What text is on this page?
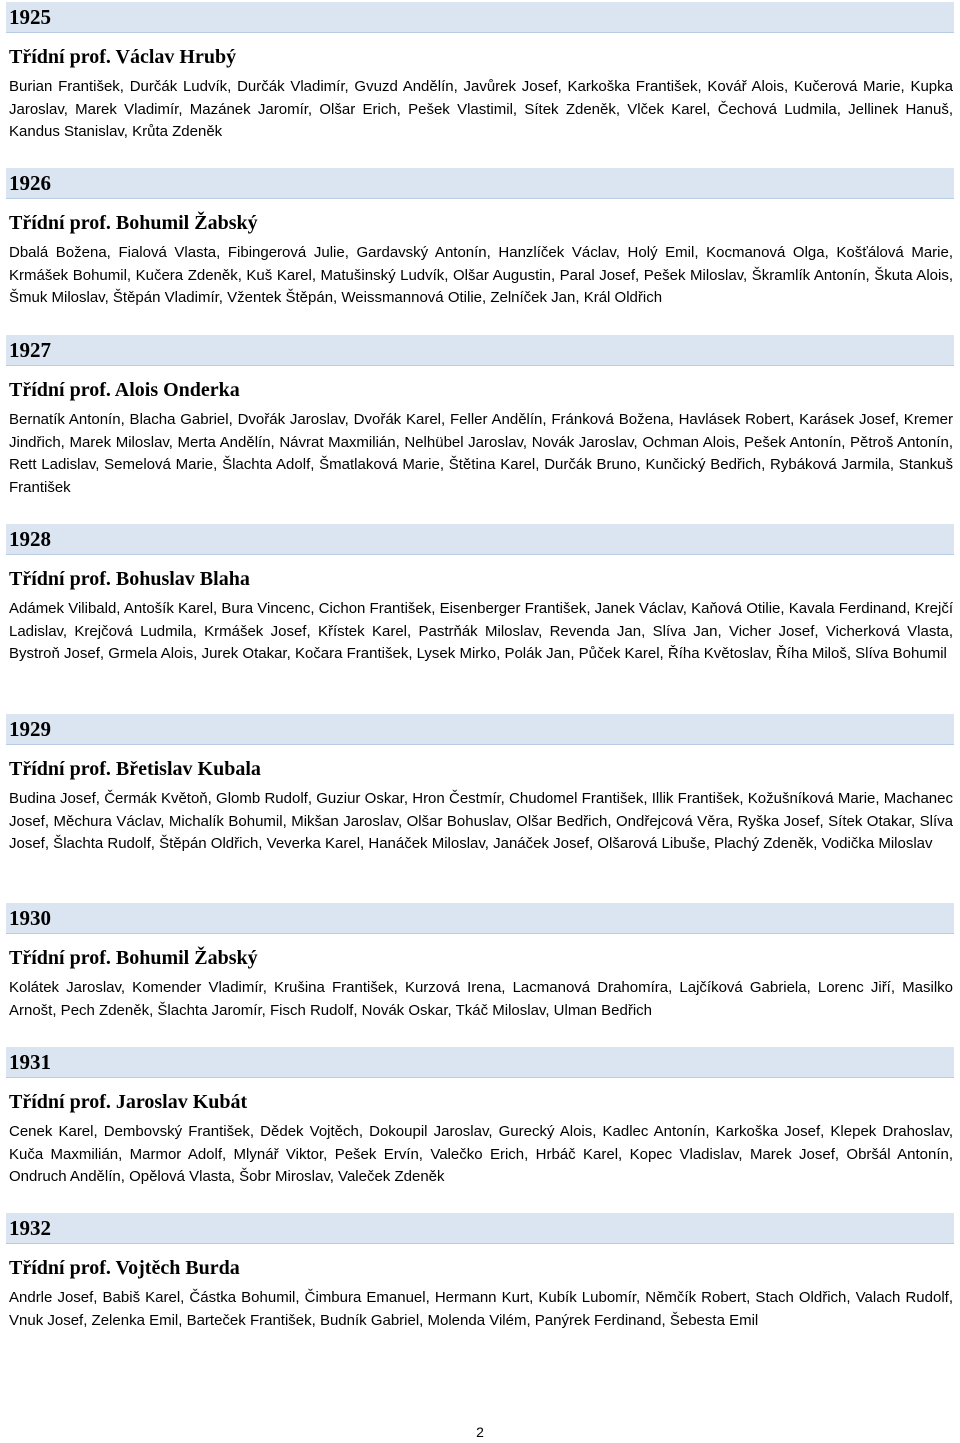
1925
Třídní prof. Václav Hrubý
Burian František, Durčák Ludvík, Durčák Vladimír, Gvuzd Andělín, Javůrek Josef, Karkoška František, Kovář Alois, Kučerová Marie, Kupka Jaroslav, Marek Vladimír, Mazánek Jaromír, Olšar Erich, Pešek Vlastimil, Sítek Zdeněk, Vlček Karel, Čechová Ludmila, Jellinek Hanuš, Kandus Stanislav, Krůta Zdeněk
1926
Třídní prof. Bohumil Žabský
Dbalá Božena, Fialová Vlasta, Fibingerová Julie, Gardavský Antonín, Hanzlíček Václav, Holý Emil, Kocmanová Olga, Košťálová Marie, Krmášek Bohumil, Kučera Zdeněk, Kuš Karel, Matušinský Ludvík, Olšar Augustin, Paral Josef, Pešek Miloslav, Škramlík Antonín, Škuta Alois, Šmuk Miloslav, Štěpán Vladimír, Vžentek Štěpán, Weissmannová Otilie, Zelníček Jan, Král Oldřich
1927
Třídní prof. Alois Onderka
Bernatík Antonín, Blacha Gabriel, Dvořák Jaroslav, Dvořák Karel, Feller Andělín, Fránková Božena, Havlásek Robert, Karásek Josef, Kremer Jindřich, Marek Miloslav, Merta Andělín, Návrat Maxmilián, Nelhübel Jaroslav, Novák Jaroslav, Ochman Alois, Pešek Antonín, Pětroš Antonín, Rett Ladislav, Semelová Marie, Šlachta Adolf, Šmatlaková Marie, Štětina Karel, Durčák Bruno, Kunčický Bedřich, Rybáková Jarmila, Stankuš František
1928
Třídní prof. Bohuslav Blaha
Adámek Vilibald, Antošík Karel, Bura Vincenc, Cichon František, Eisenberger František, Janek Václav, Kaňová Otilie, Kavala Ferdinand, Krejčí Ladislav, Krejčová Ludmila, Krmášek Josef, Křístek Karel, Pastrňák Miloslav, Revenda Jan, Slíva Jan, Vicher Josef, Vicherková Vlasta, Bystroň Josef, Grmela Alois, Jurek Otakar, Kočara František, Lysek Mirko, Polák Jan, Půček Karel, Říha Květoslav, Říha Miloš, Slíva Bohumil
1929
Třídní prof. Břetislav Kubala
Budina Josef, Čermák Květoň, Glomb Rudolf, Guziur Oskar, Hron Čestmír, Chudomel František, Illik František, Kožušníková Marie, Machanec Josef, Měchura Václav, Michalík Bohumil, Mikšan Jaroslav, Olšar Bohuslav, Olšar Bedřich, Ondřejcová Věra, Ryška Josef, Sítek Otakar, Slíva Josef, Šlachta Rudolf, Štěpán Oldřich, Veverka Karel, Hanáček Miloslav, Janáček Josef, Olšarová Libuše, Plachý Zdeněk, Vodička Miloslav
1930
Třídní prof. Bohumil Žabský
Kolátek Jaroslav, Komender Vladimír, Krušina František, Kurzová Irena, Lacmanová Drahomíra, Lajčíková Gabriela, Lorenc Jiří, Masilko Arnošt, Pech Zdeněk, Šlachta Jaromír, Fisch Rudolf, Novák Oskar, Tkáč Miloslav, Ulman Bedřich
1931
Třídní prof. Jaroslav Kubát
Cenek Karel, Dembovský František, Dědek Vojtěch, Dokoupil Jaroslav, Gurecký Alois, Kadlec Antonín, Karkoška Josef, Klepek Drahoslav, Kuča Maxmilián, Marmor Adolf, Mlynář Viktor, Pešek Ervín, Valečko Erich, Hrbáč Karel, Kopec Vladislav, Marek Josef, Obršál Antonín, Ondruch Andělín, Opělová Vlasta, Šobr Miroslav, Valeček Zdeněk
1932
Třídní prof. Vojtěch Burda
Andrle Josef, Babiš Karel, Částka Bohumil, Čimbura Emanuel, Hermann Kurt, Kubík Lubomír, Němčík Robert, Stach Oldřich, Valach Rudolf, Vnuk Josef, Zelenka Emil, Barteček František, Budník Gabriel, Molenda Vilém, Panýrek Ferdinand, Šebesta Emil
2
